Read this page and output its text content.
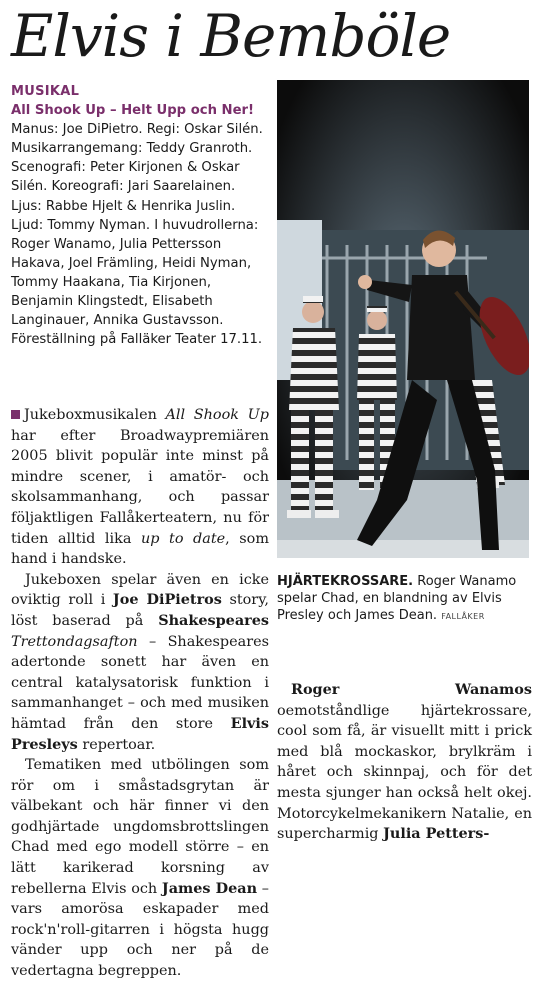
Elvis i Bemböle
MUSIKAL
All Shook Up – Helt Upp och Ner!
Manus: Joe DiPietro. Regi: Oskar Silén. Musikarrangemang: Teddy Granroth. Scenografi: Peter Kirjonen & Oskar Silén. Koreografi: Jari Saarelainen. Ljus: Rabbe Hjelt & Henrika Juslin. Ljud: Tommy Nyman. I huvudrollerna: Roger Wanamo, Julia Pettersson Hakava, Joel Främling, Heidi Nyman, Tommy Haakana, Tia Kirjonen, Benjamin Klingstedt, Elisabeth Langinauer, Annika Gustavsson.
Föreställning på Falläker Teater 17.11.
HJÄRTEKROSSARE. Roger Wanamo spelar Chad, en blandning av Elvis Presley och James Dean. FALLÅKER

Jukeboxmusikalen All Shook Up har efter Broadwaypremiären 2005 blivit populär inte minst på mindre scener, i amatör- och skolsammanhang, och passar följaktligen Fallåkerteatern, nu för tiden alltid lika up to date, som hand i handske.

Jukeboxen spelar även en icke oviktig roll i Joe DiPietros story, löst baserad på Shakespeares Trettondagsafton – Shakespeares adertonde sonett har även en central katalysatorisk funktion i sammanhanget – och med musiken hämtad från den store Elvis Presleys repertoar.

Tematiken med utbölingen som rör om i småstadsgrytan är välbekant och här finner vi den godhjärtade ungdomsbrottslingen Chad med ego modell större – en lätt karikerad korsning av rebellerna Elvis och James Dean – vars amorösa eskapader med rock'n'roll-gitarren i högsta hugg vänder upp och ner på de vedertagna begreppen.

Roger Wanamos oemotståndlige hjärtekrossare, cool som få, är visuellt mitt i prick med blå mockaskor, brylkräm i håret och skinnpaj, och för det mesta sjunger han också helt okej. Motorcykelmekanikern Natalie, en supercharmig Julia Petters-
